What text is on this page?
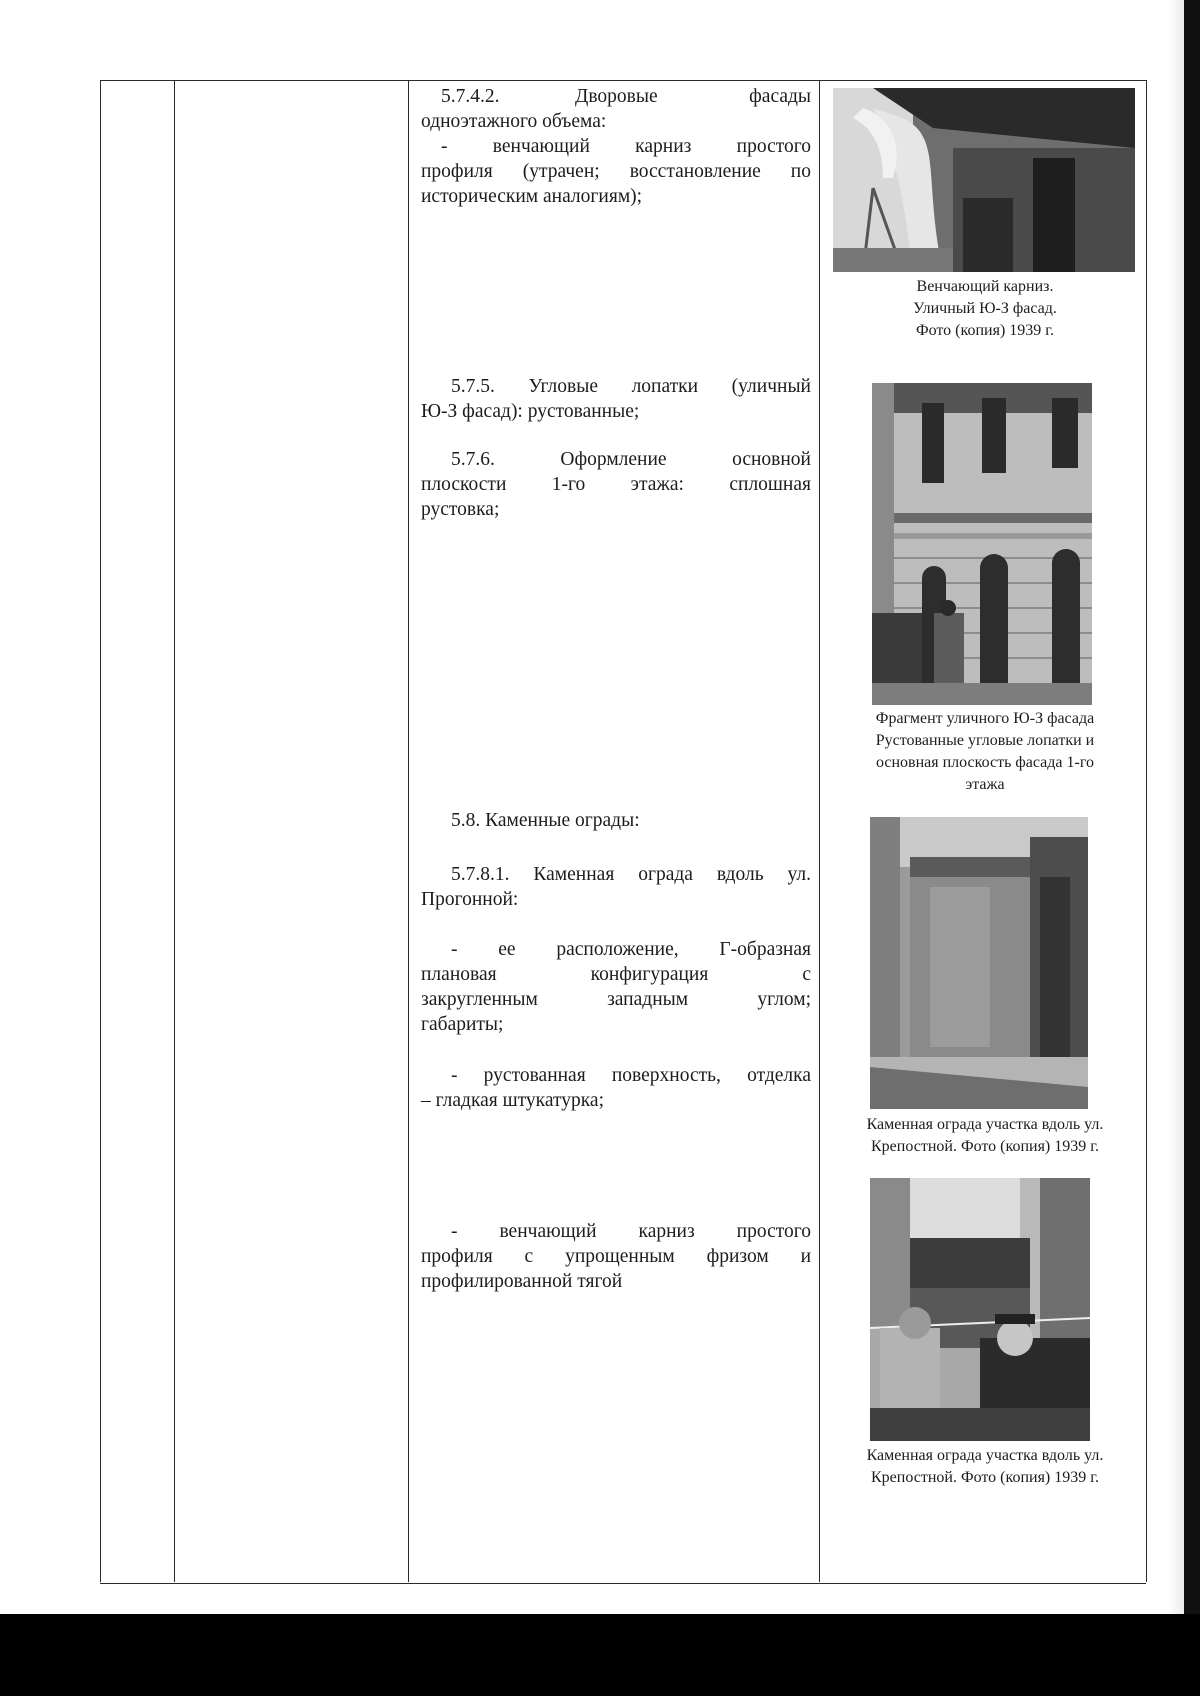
5.7.4.2.	Дворовые	фасады

одноэтажного объема:

-   венчающий   карниз   простого

профиля (утрачен; восстановление по

историческим аналогиям);

5.7.5. Угловые лопатки (уличный

Ю-З фасад): рустованные;

5.7.6.     Оформление     основной

плоскости    1-го    этажа:    сплошная

рустовка;

5.8. Каменные ограды:

5.7.8.1. Каменная ограда вдоль ул.

Прогонной:

-  ее  расположение,  Г-образная

плановая          конфигурация          с

закругленным       западным       углом;

габариты;

- рустованная поверхность, отделка

– гладкая штукатурка;

-   венчающий   карниз   простого

профиля  с  упрощенным  фризом  и

профилированной тягой

Венчающий карниз.

Уличный Ю-З фасад.

Фото (копия) 1939 г.

Фрагмент уличного Ю-З фасада

Рустованные угловые лопатки и

основная плоскость фасада 1-го

этажа

Каменная ограда участка вдоль ул.

Крепостной. Фото (копия) 1939 г.

Каменная ограда участка вдоль ул.

Крепостной. Фото (копия) 1939 г.
